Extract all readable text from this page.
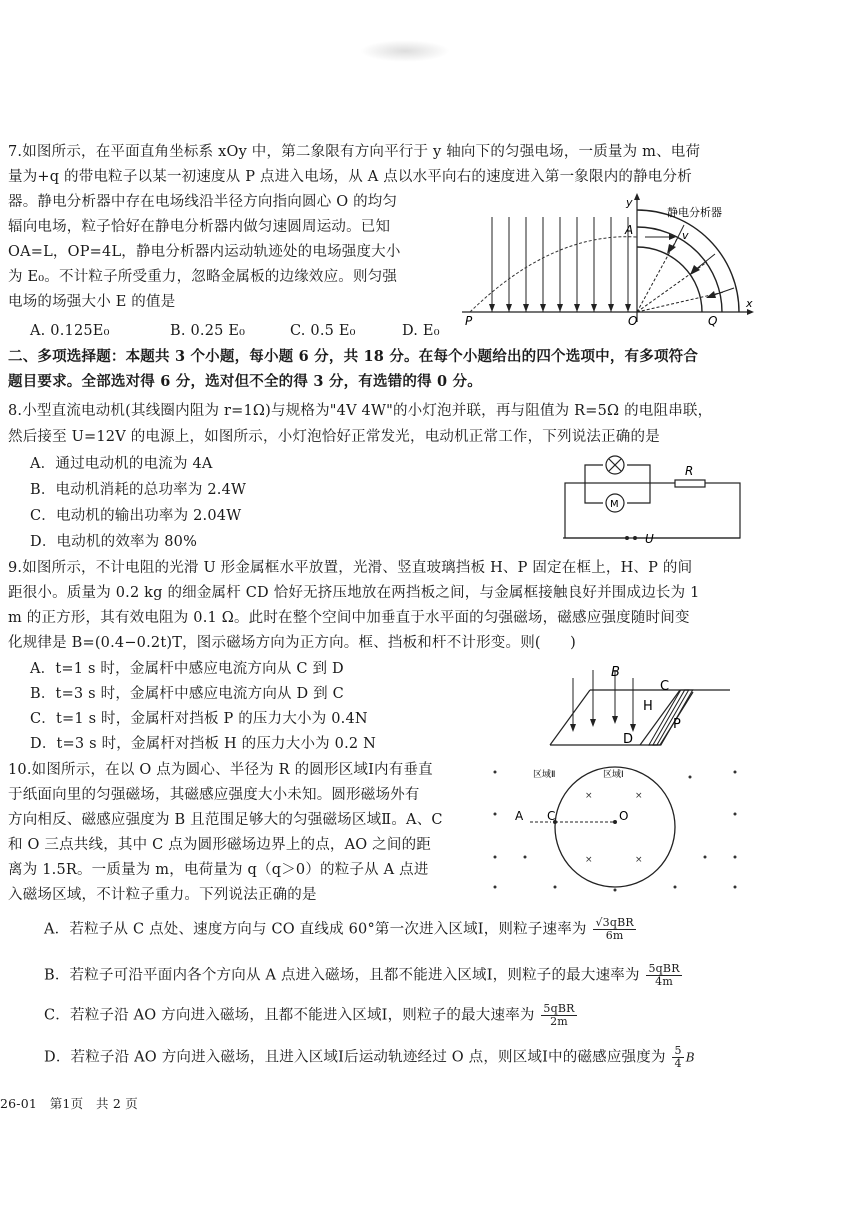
7.如图所示，在平面直角坐标系 xOy 中，第二象限有方向平行于 y 轴向下的匀强电场，一质量为 m、电荷
量为+q 的带电粒子以某一初速度从 P 点进入电场，从 A 点以水平向右的速度进入第一象限内的静电分析
器。静电分析器中存在电场线沿半径方向指向圆心 O 的均匀
辐向电场，粒子恰好在静电分析器内做匀速圆周运动。已知
OA=L，OP=4L，静电分析器内运动轨迹处的电场强度大小
为 E₀。不计粒子所受重力，忽略金属板的边缘效应。则匀强
电场的场强大小 E 的值是
A. 0.125E₀	B. 0.25 E₀	C. 0.5 E₀	D. E₀
A
y
x
P	O	Q
v
静电分析器
二、多项选择题：本题共 3 个小题，每小题 6 分，共 18 分。在每个小题给出的四个选项中，有多项符合
题目要求。全部选对得 6 分，选对但不全的得 3 分，有选错的得 0 分。
8.小型直流电动机(其线圈内阻为 r=1Ω)与规格为"4V 4W"的小灯泡并联，再与阻值为 R=5Ω 的电阻串联，
然后接至 U=12V 的电源上，如图所示，小灯泡恰好正常发光，电动机正常工作，下列说法正确的是
A．通过电动机的电流为 4A
B．电动机消耗的总功率为 2.4W
C．电动机的输出功率为 2.04W
D．电动机的效率为 80%
M
R
U
9.如图所示，不计电阻的光滑 U 形金属框水平放置，光滑、竖直玻璃挡板 H、P 固定在框上，H、P 的间
距很小。质量为 0.2 kg 的细金属杆 CD 恰好无挤压地放在两挡板之间，与金属框接触良好并围成边长为 1
m 的正方形，其有效电阻为 0.1 Ω。此时在整个空间中加垂直于水平面的匀强磁场，磁感应强度随时间变
化规律是 B=(0.4−0.2t)T，图示磁场方向为正方向。框、挡板和杆不计形变。则(　　)
A．t=1 s 时，金属杆中感应电流方向从 C 到 D
B．t=3 s 时，金属杆中感应电流方向从 D 到 C
C．t=1 s 时，金属杆对挡板 P 的压力大小为 0.4N
D．t=3 s 时，金属杆对挡板 H 的压力大小为 0.2 N
B
C
H
P
D
10.如图所示，在以 O 点为圆心、半径为 R 的圆形区域Ⅰ内有垂直
于纸面向里的匀强磁场，其磁感应强度大小未知。圆形磁场外有
方向相反、磁感应强度为 B 且范围足够大的匀强磁场区域Ⅱ。A、C
和 O 三点共线，其中 C 点为圆形磁场边界上的点，AO 之间的距
离为 1.5R。一质量为 m，电荷量为 q（q＞0）的粒子从 A 点进
入磁场区域，不计粒子重力。下列说法正确的是
×	×
×	×
A C	O
区域Ⅱ	区域Ⅰ
A．若粒子从 C 点处、速度方向与 CO 直线成 60°第一次进入区域Ⅰ，则粒子速率为 $\frac{\text{√3qBR}}{6m}$
B．若粒子可沿平面内各个方向从 A 点进入磁场，且都不能进入区域Ⅰ，则粒子的最大速率为 $\frac{\text{5qBR}}{4m}$
C．若粒子沿 AO 方向进入磁场，且都不能进入区域Ⅰ，则粒子的最大速率为 $\frac{\text{5qBR}}{2m}$
D．若粒子沿 AO 方向进入磁场，且进入区域Ⅰ后运动轨迹经过 O 点，则区域Ⅰ中的磁感应强度为 $\frac{5}{4}$ B
26-01　第1页　共 2 页
